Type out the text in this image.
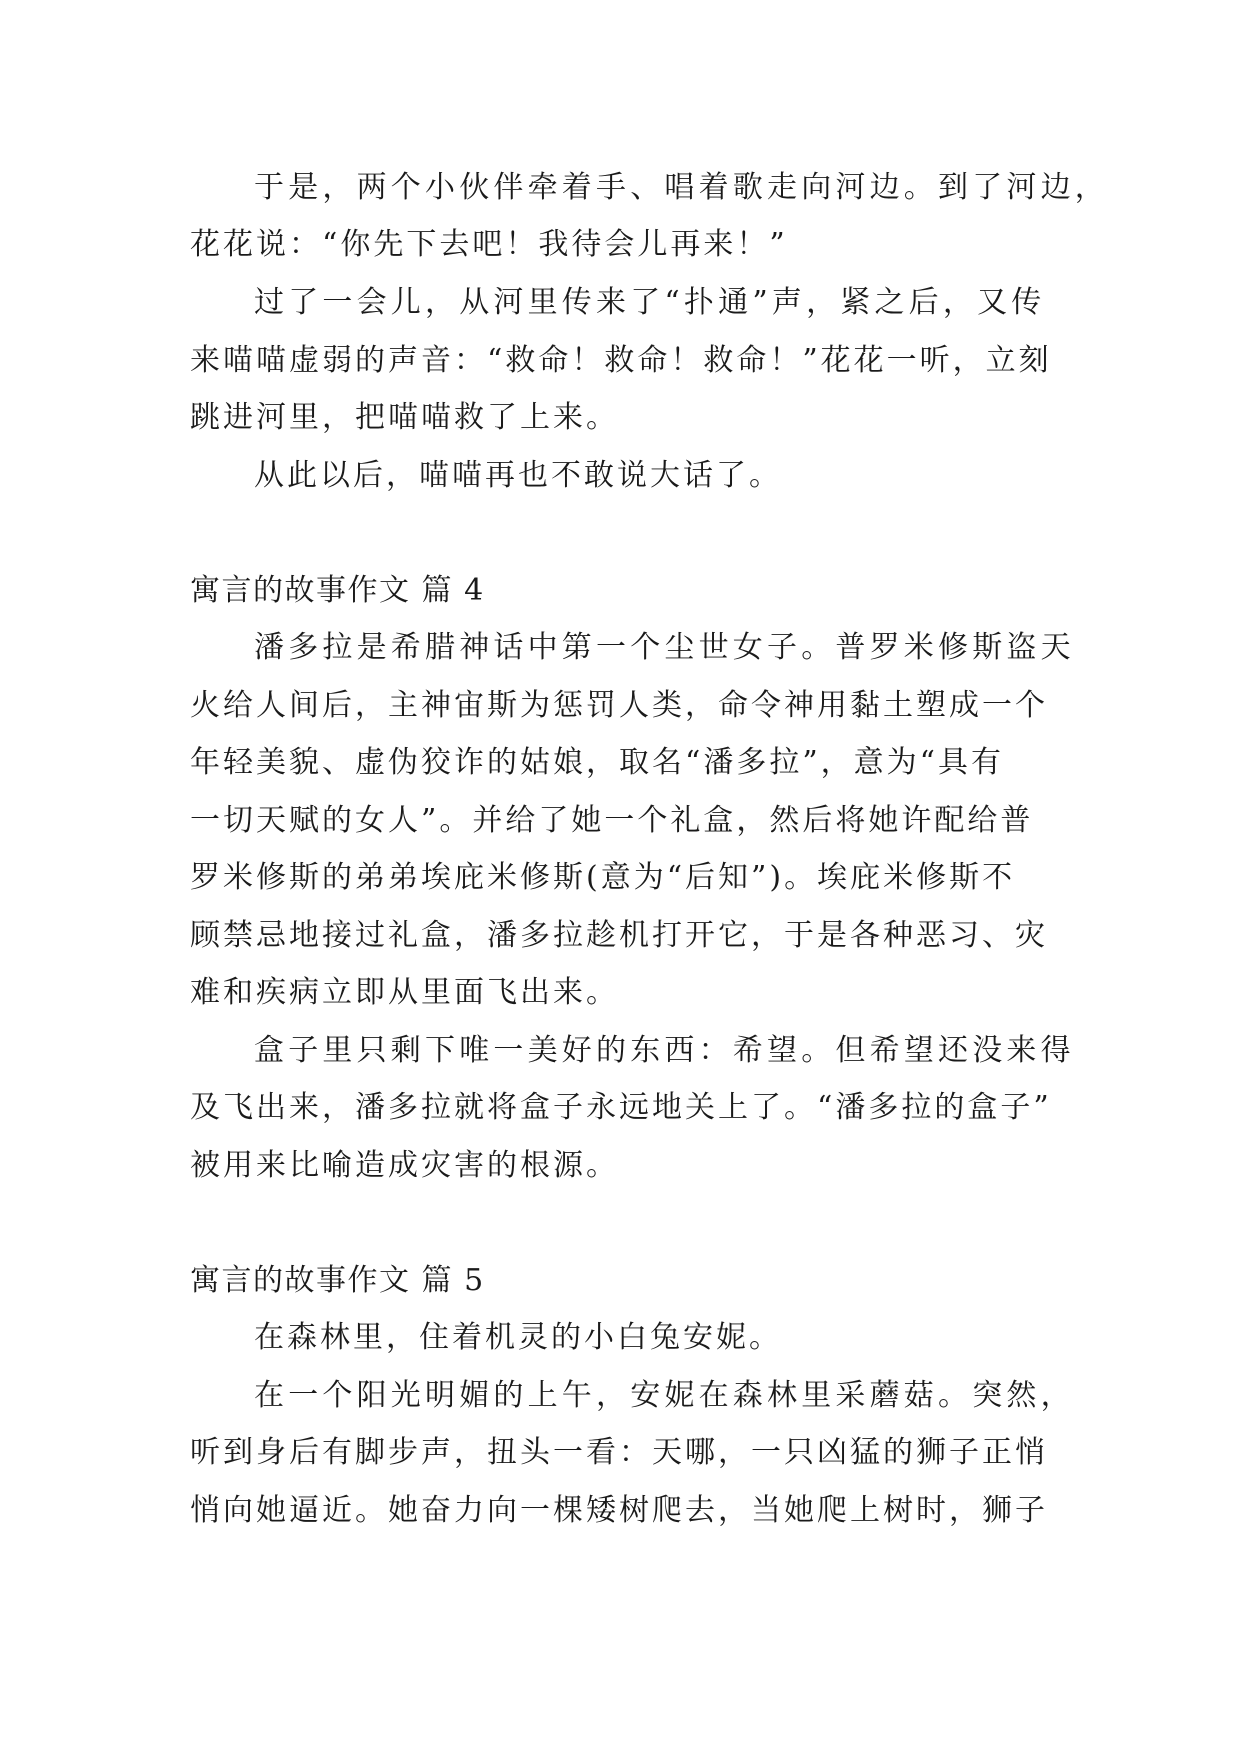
于是，两个小伙伴牵着手、唱着歌走向河边。到了河边，
花花说：“你先下去吧！我待会儿再来！”
过了一会儿，从河里传来了“扑通”声，紧之后，又传
来喵喵虚弱的声音：“救命！救命！救命！”花花一听，立刻
跳进河里，把喵喵救了上来。
从此以后，喵喵再也不敢说大话了。
寓言的故事作文 篇 4
潘多拉是希腊神话中第一个尘世女子。普罗米修斯盗天
火给人间后，主神宙斯为惩罚人类，命令神用黏土塑成一个
年轻美貌、虚伪狡诈的姑娘，取名“潘多拉”，意为“具有
一切天赋的女人”。并给了她一个礼盒，然后将她许配给普
罗米修斯的弟弟埃庇米修斯(意为“后知”)。埃庇米修斯不
顾禁忌地接过礼盒，潘多拉趁机打开它，于是各种恶习、灾
难和疾病立即从里面飞出来。
盒子里只剩下唯一美好的东西：希望。但希望还没来得
及飞出来，潘多拉就将盒子永远地关上了。“潘多拉的盒子”
被用来比喻造成灾害的根源。
寓言的故事作文 篇 5
在森林里，住着机灵的小白兔安妮。
在一个阳光明媚的上午，安妮在森林里采蘑菇。突然，
听到身后有脚步声，扭头一看：天哪，一只凶猛的狮子正悄
悄向她逼近。她奋力向一棵矮树爬去，当她爬上树时，狮子
